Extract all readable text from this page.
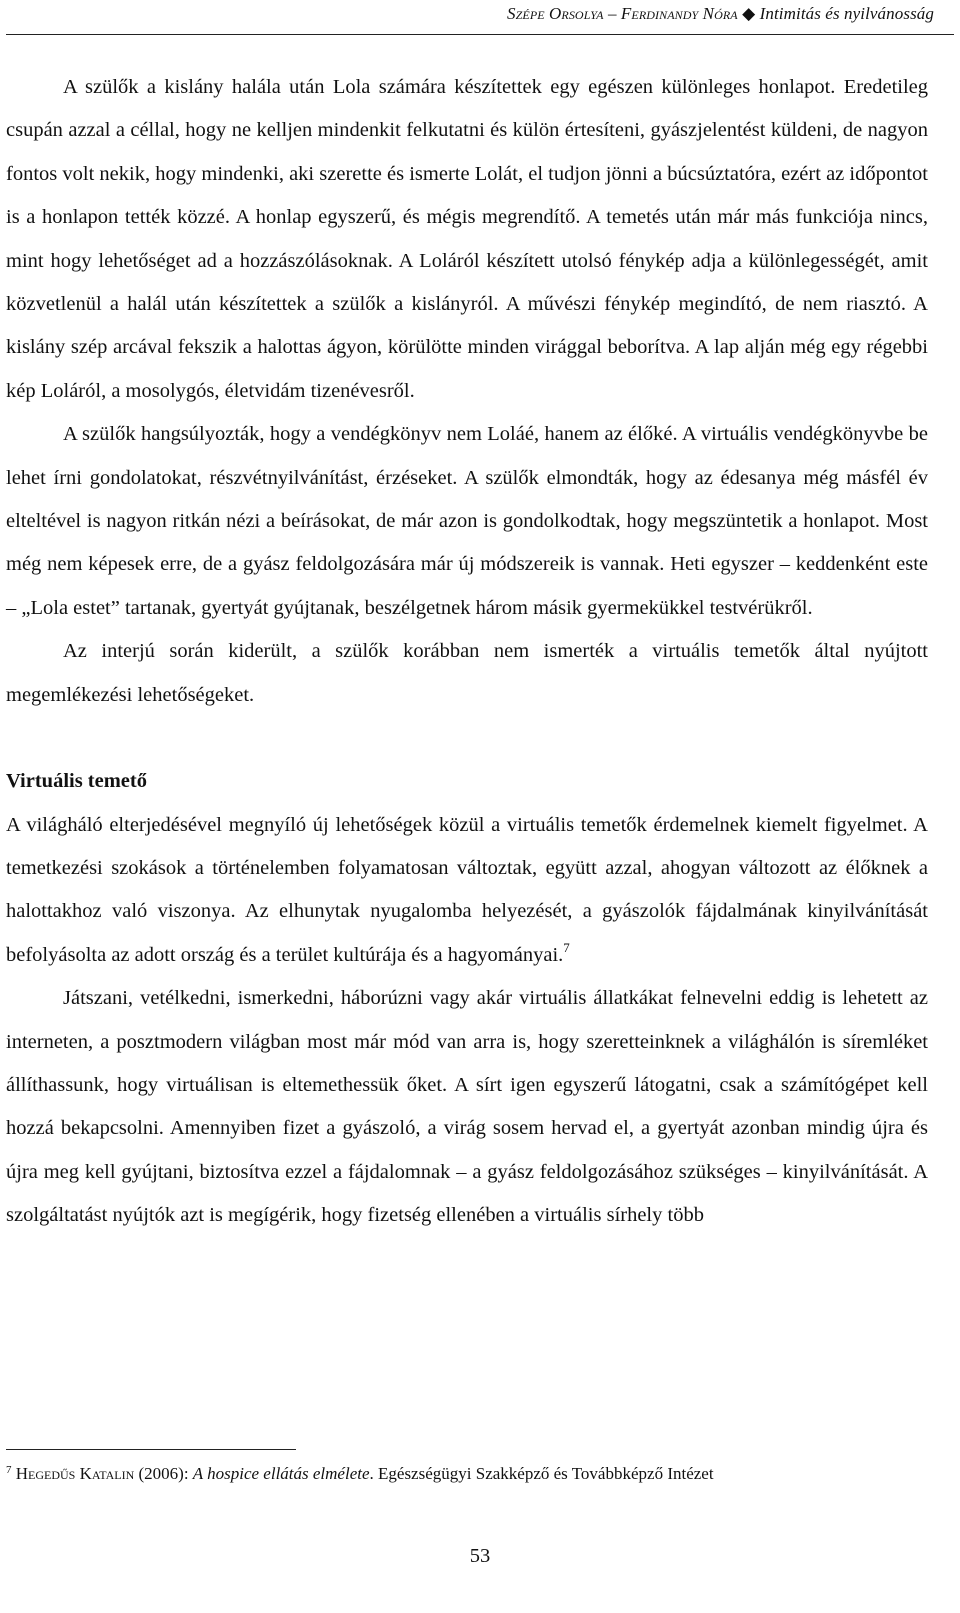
Szépe Orsolya – Ferdinandy Nóra ◆ Intimitás és nyilvánosság

A szülők a kislány halála után Lola számára készítettek egy egészen különleges honlapot. Eredetileg csupán azzal a céllal, hogy ne kelljen mindenkit felkutatni és külön értesíteni, gyászjelentést küldeni, de nagyon fontos volt nekik, hogy mindenki, aki szerette és ismerte Lolát, el tudjon jönni a búcsúztatóra, ezért az időpontot is a honlapon tették közzé. A honlap egyszerű, és mégis megrendítő. A temetés után már más funkciója nincs, mint hogy lehetőséget ad a hozzászólásoknak. A Loláról készített utolsó fénykép adja a különlegességét, amit közvetlenül a halál után készítettek a szülők a kislányról. A művészi fénykép megindító, de nem riasztó. A kislány szép arcával fekszik a halottas ágyon, körülötte minden virággal beborítva. A lap alján még egy régebbi kép Loláról, a mosolygós, életvidám tizenévesről.

A szülők hangsúlyozták, hogy a vendégkönyv nem Loláé, hanem az élőké. A virtuális vendégkönyvbe be lehet írni gondolatokat, részvétnyilvánítást, érzéseket. A szülők elmondták, hogy az édesanya még másfél év elteltével is nagyon ritkán nézi a beírásokat, de már azon is gondolkodtak, hogy megszüntetik a honlapot. Most még nem képesek erre, de a gyász feldolgozására már új módszereik is vannak. Heti egyszer – keddenként este – „Lola estet” tartanak, gyertyát gyújtanak, beszélgetnek három másik gyermekükkel testvérükről.

Az interjú során kiderült, a szülők korábban nem ismerték a virtuális temetők által nyújtott megemlékezési lehetőségeket.

Virtuális temető

A világháló elterjedésével megnyíló új lehetőségek közül a virtuális temetők érdemelnek kiemelt figyelmet. A temetkezési szokások a történelemben folyamatosan változtak, együtt azzal, ahogyan változott az élőknek a halottakhoz való viszonya. Az elhunytak nyugalomba helyezését, a gyászolók fájdalmának kinyilvánítását befolyásolta az adott ország és a terület kultúrája és a hagyományai.$^7$

Játszani, vetélkedni, ismerkedni, háborúzni vagy akár virtuális állatkákat felnevelni eddig is lehetett az interneten, a posztmodern világban most már mód van arra is, hogy szeretteinknek a világhálón is síremléket állíthassunk, hogy virtuálisan is eltemethessük őket. A sírt igen egyszerű látogatni, csak a számítógépet kell hozzá bekapcsolni. Amennyiben fizet a gyászoló, a virág sosem hervad el, a gyertyát azonban mindig újra és újra meg kell gyújtani, biztosítva ezzel a fájdalomnak – a gyász feldolgozásához szükséges – kinyilvánítását. A szolgáltatást nyújtók azt is megígérik, hogy fizetség ellenében a virtuális sírhely több

$^7$ Hegedűs Katalin (2006): A hospice ellátás elmélete. Egészségügyi Szakképző és Továbbképző Intézet
53
